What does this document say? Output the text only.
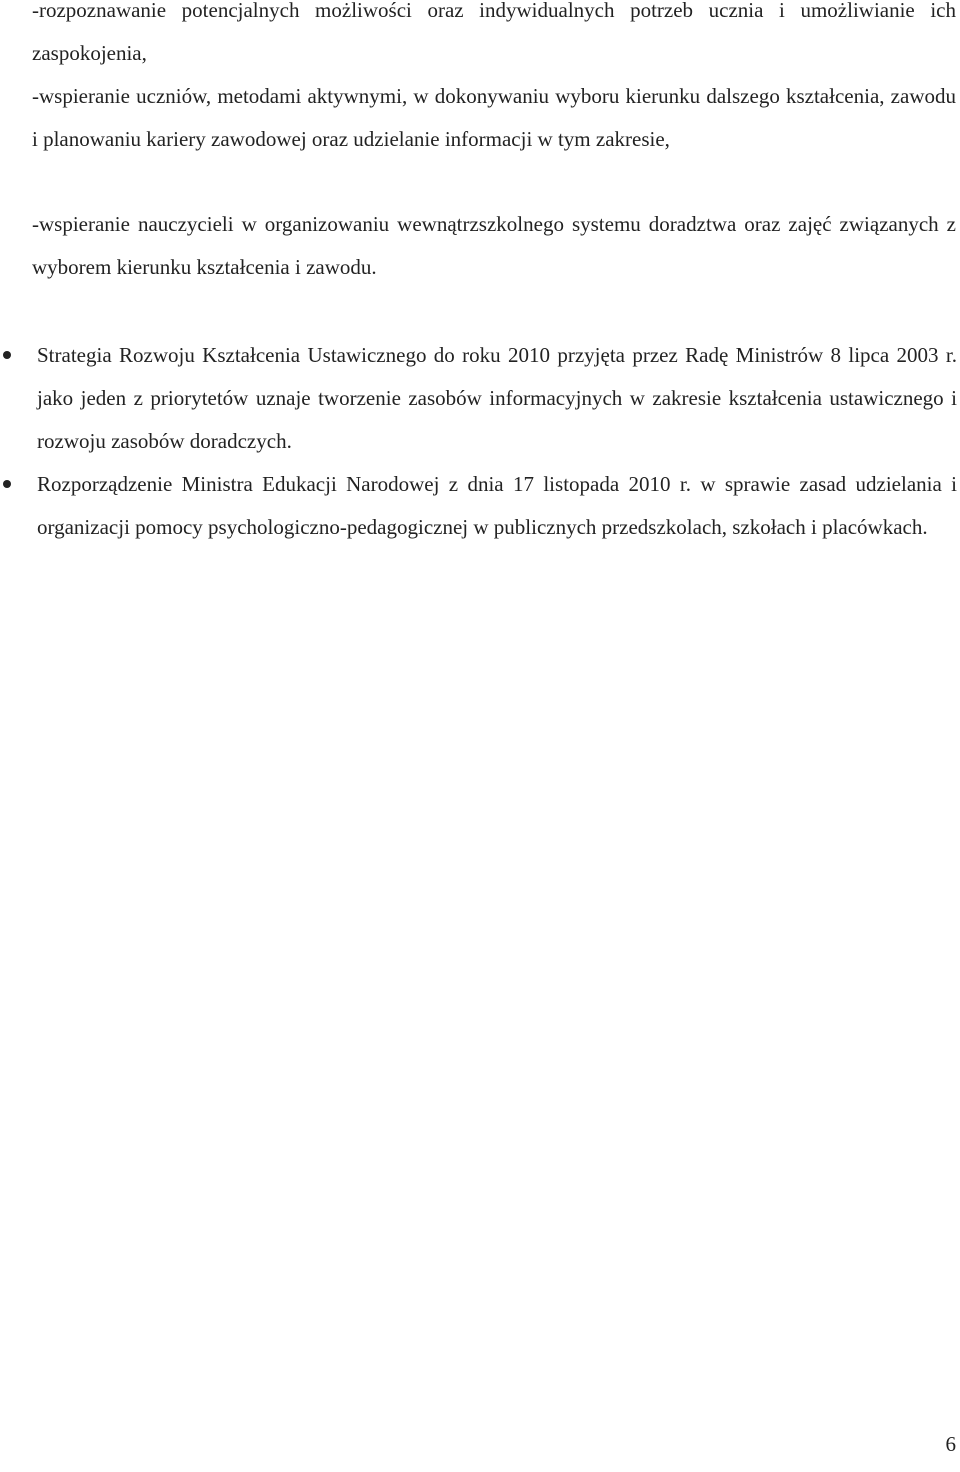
-rozpoznawanie potencjalnych możliwości oraz indywidualnych potrzeb ucznia i umożliwianie ich zaspokojenia,
-wspieranie uczniów, metodami aktywnymi, w dokonywaniu wyboru kierunku dalszego kształcenia, zawodu i planowaniu kariery zawodowej oraz udzielanie informacji w tym zakresie,
-wspieranie nauczycieli w organizowaniu wewnątrzszkolnego systemu doradztwa oraz zajęć związanych z wyborem kierunku kształcenia i zawodu.
Strategia Rozwoju Kształcenia Ustawicznego do roku 2010 przyjęta przez Radę Ministrów 8 lipca 2003 r. jako jeden z priorytetów uznaje tworzenie zasobów informacyjnych w zakresie kształcenia ustawicznego i rozwoju zasobów doradczych.
Rozporządzenie Ministra Edukacji Narodowej z dnia 17 listopada 2010 r. w sprawie zasad udzielania i organizacji pomocy psychologiczno-pedagogicznej w publicznych przedszkolach, szkołach i placówkach.
6
